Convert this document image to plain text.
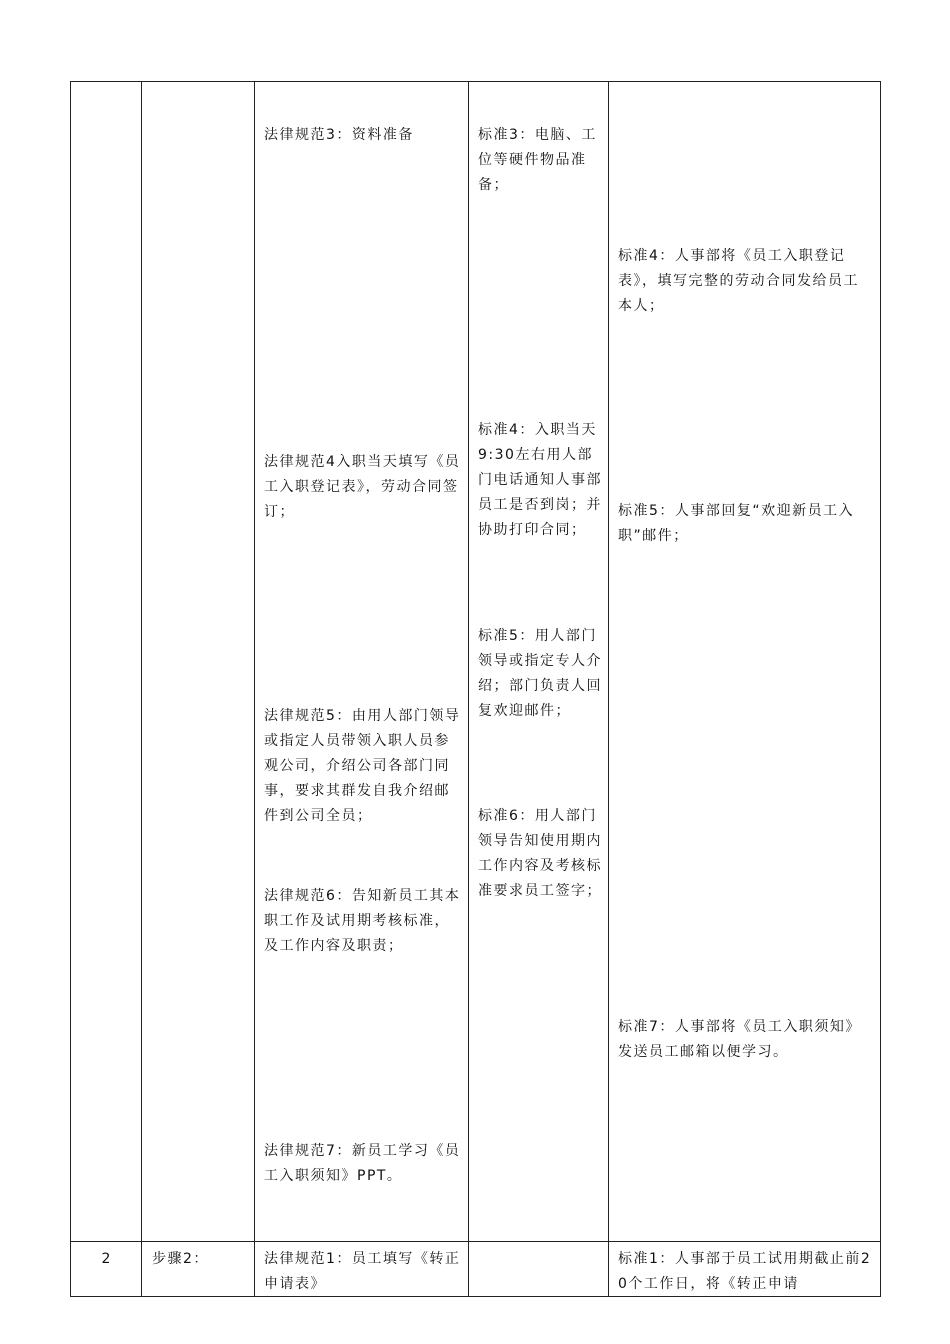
法律规范3：资料准备
法律规范4入职当天填写《员工入职登记表》，劳动合同签订；
法律规范5：由用人部门领导或指定人员带领入职人员参观公司，介绍公司各部门同事，要求其群发自我介绍邮件到公司全员；
法律规范6：告知新员工其本职工作及试用期考核标准，及工作内容及职责；
法律规范7：新员工学习《员工入职须知》PPT。
标准3：电脑、工位等硬件物品准备；
标准4：入职当天9:30左右用人部门电话通知人事部员工是否到岗；并协助打印合同；
标准5：用人部门领导或指定专人介绍；部门负责人回复欢迎邮件；
标准6：用人部门领导告知使用期内工作内容及考核标准要求员工签字；
标准4：人事部将《员工入职登记表》，填写完整的劳动合同发给员工本人；
标准5：人事部回复“欢迎新员工入职”邮件；
标准7：人事部将《员工入职须知》发送员工邮箱以便学习。
2	步骤2：	法律规范1：员工填写《转正申请表》
标准1：人事部于员工试用期截止前20个工作日，将《转正申请
